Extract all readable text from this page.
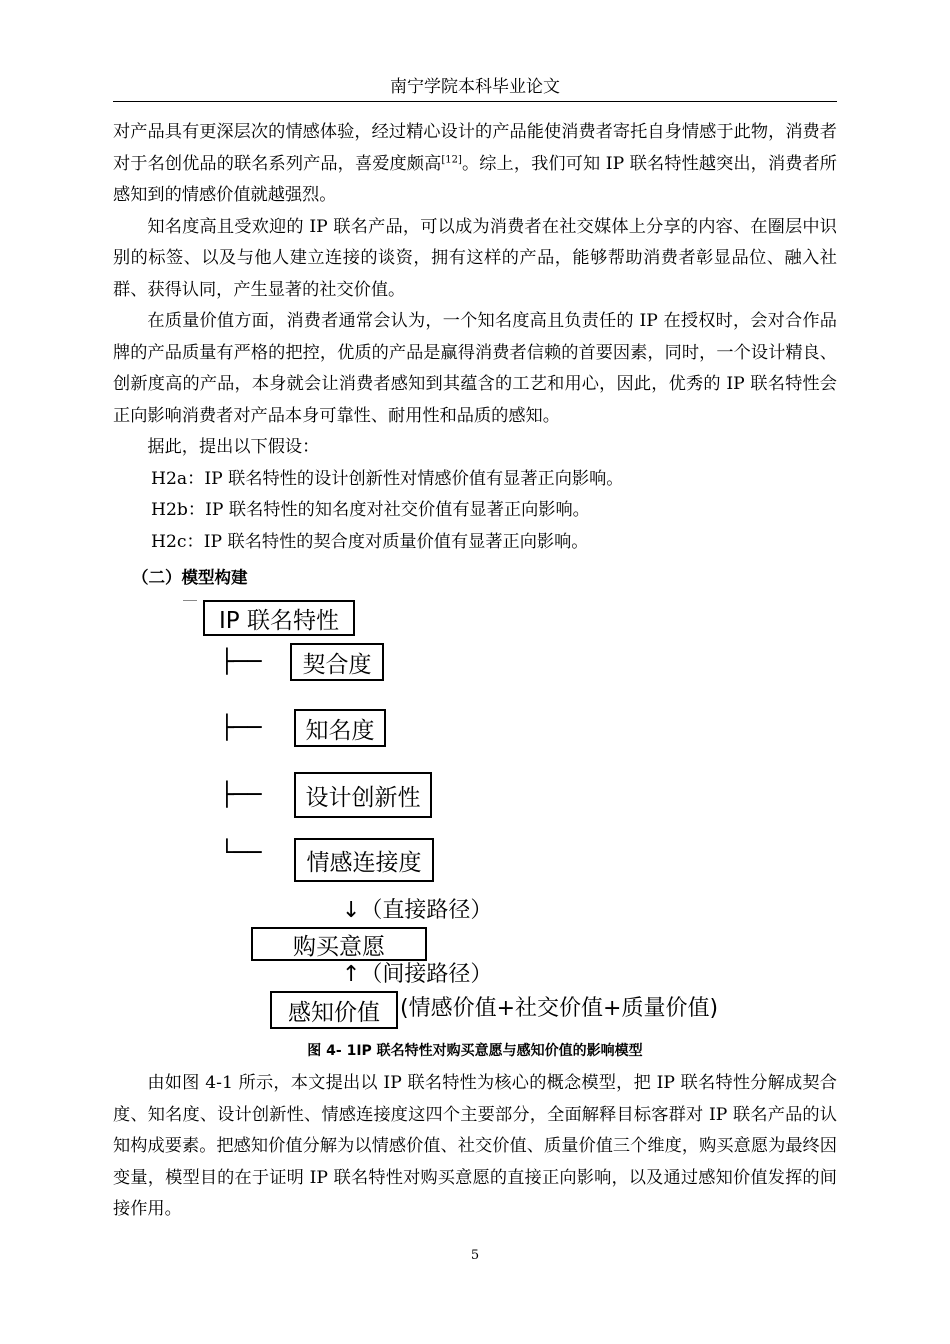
南宁学院本科毕业论文

对产品具有更深层次的情感体验，经过精心设计的产品能使消费者寄托自身情感于此物，消费者对于名创优品的联名系列产品，喜爱度颇高[12]。综上，我们可知 IP 联名特性越突出，消费者所感知到的情感价值就越强烈。

知名度高且受欢迎的 IP 联名产品，可以成为消费者在社交媒体上分享的内容、在圈层中识别的标签、以及与他人建立连接的谈资，拥有这样的产品，能够帮助消费者彰显品位、融入社群、获得认同，产生显著的社交价值。

在质量价值方面，消费者通常会认为，一个知名度高且负责任的 IP 在授权时，会对合作品牌的产品质量有严格的把控，优质的产品是赢得消费者信赖的首要因素，同时，一个设计精良、创新度高的产品，本身就会让消费者感知到其蕴含的工艺和用心，因此，优秀的 IP 联名特性会正向影响消费者对产品本身可靠性、耐用性和品质的感知。

据此，提出以下假设：

H2a：IP 联名特性的设计创新性对情感价值有显著正向影响。

H2b：IP 联名特性的知名度对社交价值有显著正向影响。

H2c：IP 联名特性的契合度对质量价值有显著正向影响。

（二）模型构建
IP 联名特性
├──	契合度
├──	知名度
├──	设计创新性
└──	情感连接度
↓（直接路径）
购买意愿
↑（间接路径）
感知价值 (情感价值+社交价值+质量价值)
图 4- 1IP 联名特性对购买意愿与感知价值的影响模型

由如图 4-1 所示，本文提出以 IP 联名特性为核心的概念模型，把 IP 联名特性分解成契合度、知名度、设计创新性、情感连接度这四个主要部分，全面解释目标客群对 IP 联名产品的认知构成要素。把感知价值分解为以情感价值、社交价值、质量价值三个维度，购买意愿为最终因变量，模型目的在于证明 IP 联名特性对购买意愿的直接正向影响，以及通过感知价值发挥的间接作用。

5
